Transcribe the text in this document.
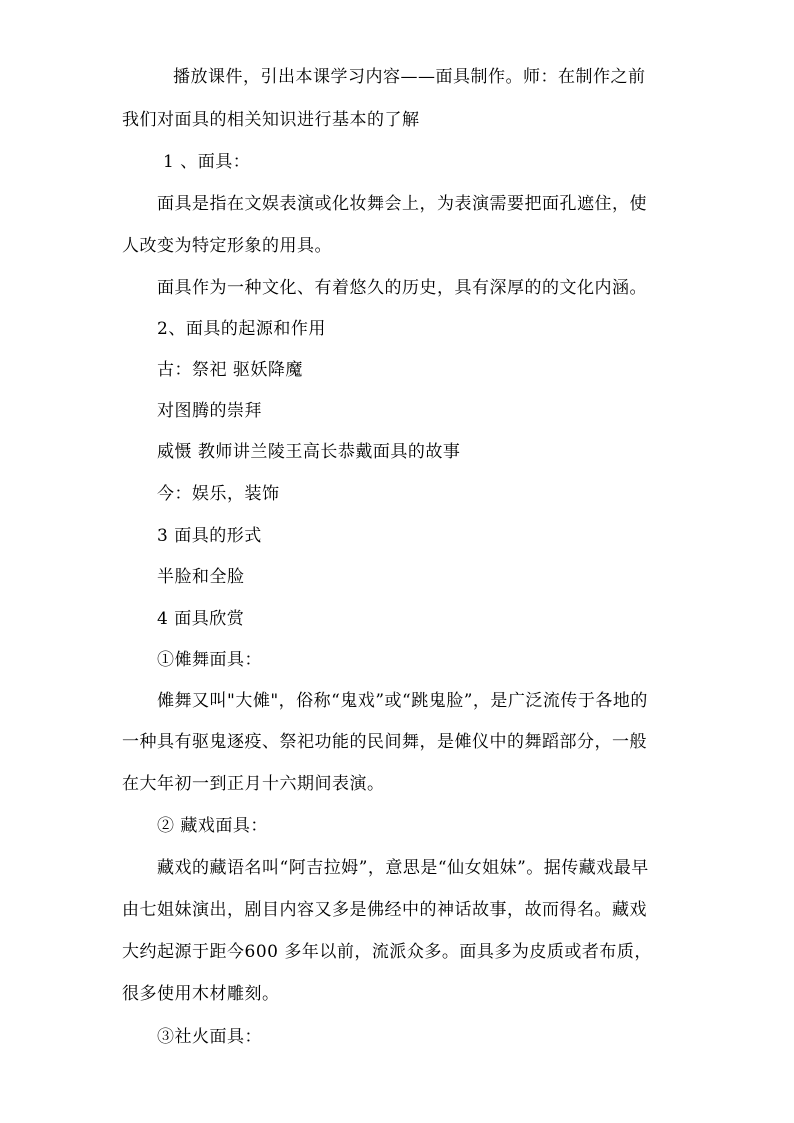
播放课件，引出本课学习内容——面具制作。师：在制作之前
我们对面具的相关知识进行基本的了解
1 、面具：
面具是指在文娱表演或化妆舞会上，为表演需要把面孔遮住，使
人改变为特定形象的用具。
面具作为一种文化、有着悠久的历史，具有深厚的的文化内涵。
2、面具的起源和作用
古：祭祀 驱妖降魔
对图腾的崇拜
威慑 教师讲兰陵王高长恭戴面具的故事
今：娱乐，装饰
3 面具的形式
半脸和全脸
4 面具欣赏
①傩舞面具：
傩舞又叫"大傩"，俗称“鬼戏”或“跳鬼脸”，是广泛流传于各地的
一种具有驱鬼逐疫、祭祀功能的民间舞，是傩仪中的舞蹈部分，一般
在大年初一到正月十六期间表演。
② 藏戏面具：
藏戏的藏语名叫“阿吉拉姆”，意思是“仙女姐妹”。据传藏戏最早
由七姐妹演出，剧目内容又多是佛经中的神话故事，故而得名。藏戏
大约起源于距今600 多年以前，流派众多。面具多为皮质或者布质，
很多使用木材雕刻。
③社火面具：
